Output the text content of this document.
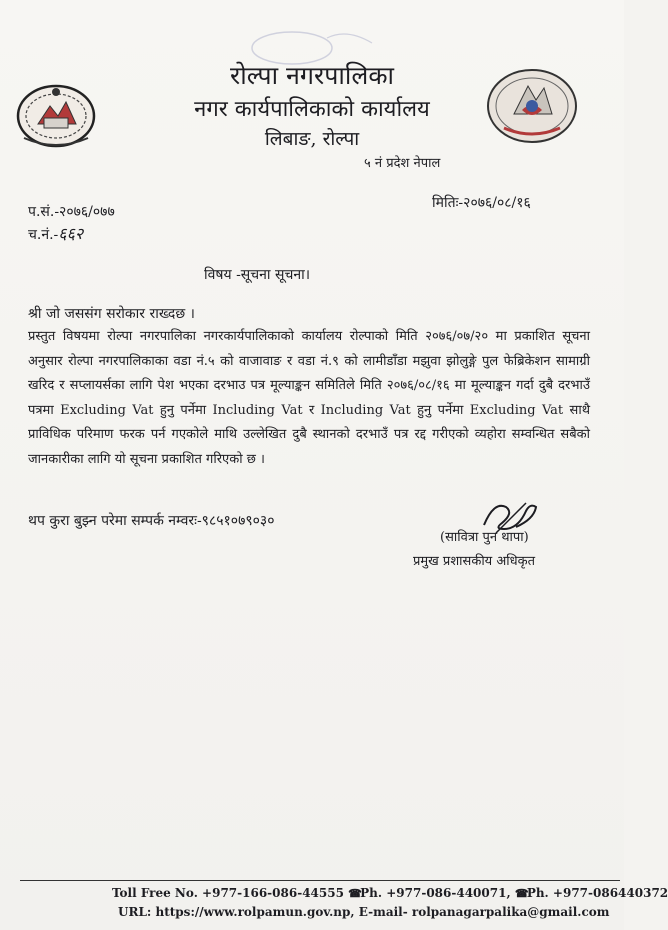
रोल्पा नगरपालिका
नगर कार्यपालिकाको कार्यालय
लिबाङ, रोल्पा
५ नं प्रदेश नेपाल
प.सं.-२०७६/०७७
च.नं.-६६२
मितिः-२०७६/०८/१६
विषय -सूचना सूचना।
श्री जो जससंग सरोकार राख्दछ ।
प्रस्तुत विषयमा रोल्पा नगरपालिका नगरकार्यपालिकाको कार्यालय रोल्पाको मिति २०७६/०७/२० मा प्रकाशित सूचना अनुसार रोल्पा नगरपालिकाका वडा नं.५ को वाजावाङ र वडा नं.९ को लामीडाँडा मझुवा झोलुङ्गे पुल फेब्रिकेशन सामाग्री खरिद र सप्लायर्सका लागि पेश भएका दरभाउ पत्र मूल्याङ्कन समितिले मिति २०७६/०८/१६ मा मूल्याङ्कन गर्दा दुबै दरभाउँ पत्रमा Excluding Vat हुनु पर्नेमा Including Vat र Including Vat हुनु पर्नेमा Excluding Vat साथै प्राविधिक परिमाण फरक पर्न गएकोले माथि उल्लेखित दुबै स्थानको दरभाउँ पत्र रद्द गरीएको व्यहोरा सम्वन्धित सबैको जानकारीका लागि यो सूचना प्रकाशित गरिएको छ ।
थप कुरा बुझ्न परेमा सम्पर्क नम्वरः-९८५१०७९०३०
(सावित्रा पुन थापा)
प्रमुख प्रशासकीय अधिकृत
Toll Free No. +977-166-086-44555 ☎Ph. +977-086-440071, ☎Ph. +977-086440372
URL: https://www.rolpamun.gov.np, E-mail- rolpanagarpalika@gmail.com
